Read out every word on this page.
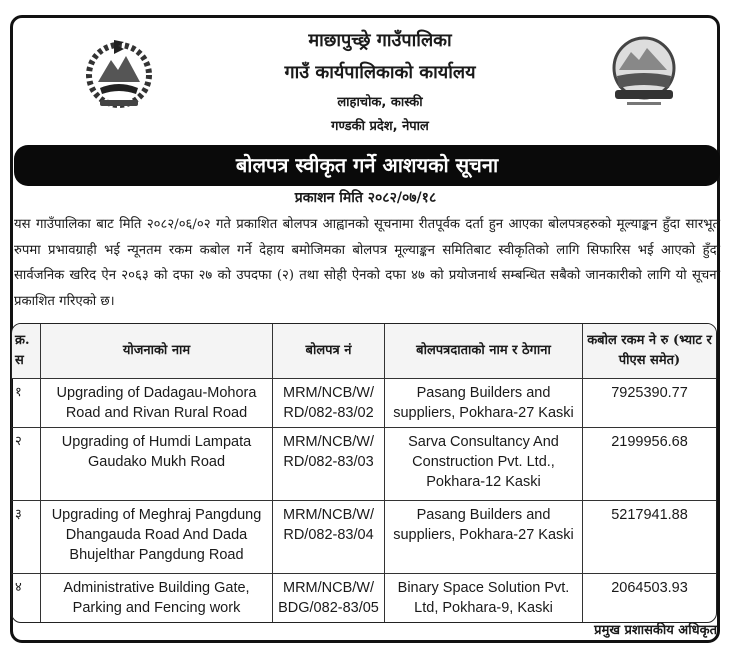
माछापुच्छ्रे गाउँपालिका
गाउँ कार्यपालिकाको कार्यालय
लाहाचोक, कास्की
गण्डकी प्रदेश, नेपाल
बोलपत्र स्वीकृत गर्ने आशयको सूचना
प्रकाशन मिति २०८२/०७/१८
यस गाउँपालिका बाट मिति २०८२/०६/०२ गते प्रकाशित बोलपत्र आह्वानको सूचनामा रीतपूर्वक दर्ता हुन आएका बोलपत्रहरुको मूल्याङ्कन हुँदा सारभूत रुपमा प्रभावग्राही भई न्यूनतम रकम कबोल गर्ने देहाय बमोजिमका बोलपत्र मूल्याङ्कन समितिबाट स्वीकृतिको लागि सिफारिस भई आएको हुँदा सार्वजनिक खरिद ऐन २०६३ को दफा २७ को उपदफा (२) तथा सोही ऐनको दफा ४७ को प्रयोजनार्थ सम्बन्धित सबैको जानकारीको लागि यो सूचना प्रकाशित गरिएको छ।
क्र. स	योजनाको नाम	बोलपत्र नं	बोलपत्रदाताको नाम र ठेगाना	कबोल रकम ने रु (भ्याट र पीएस समेत)
१	Upgrading of Dadagau-Mohora Road and Rivan Rural Road	MRM/NCB/W/ RD/082-83/02	Pasang Builders and suppliers, Pokhara-27 Kaski	7925390.77
२	Upgrading of Humdi Lampata Gaudako Mukh Road	MRM/NCB/W/ RD/082-83/03	Sarva Consultancy And Construction Pvt. Ltd., Pokhara-12 Kaski	2199956.68
३	Upgrading of Meghraj Pangdung Dhangauda Road And Dada Bhujelthar Pangdung Road	MRM/NCB/W/ RD/082-83/04	Pasang Builders and suppliers, Pokhara-27 Kaski	5217941.88
४	Administrative Building Gate, Parking and Fencing work	MRM/NCB/W/ BDG/082-83/05	Binary Space Solution Pvt. Ltd, Pokhara-9, Kaski	2064503.93
प्रमुख प्रशासकीय अधिकृत
